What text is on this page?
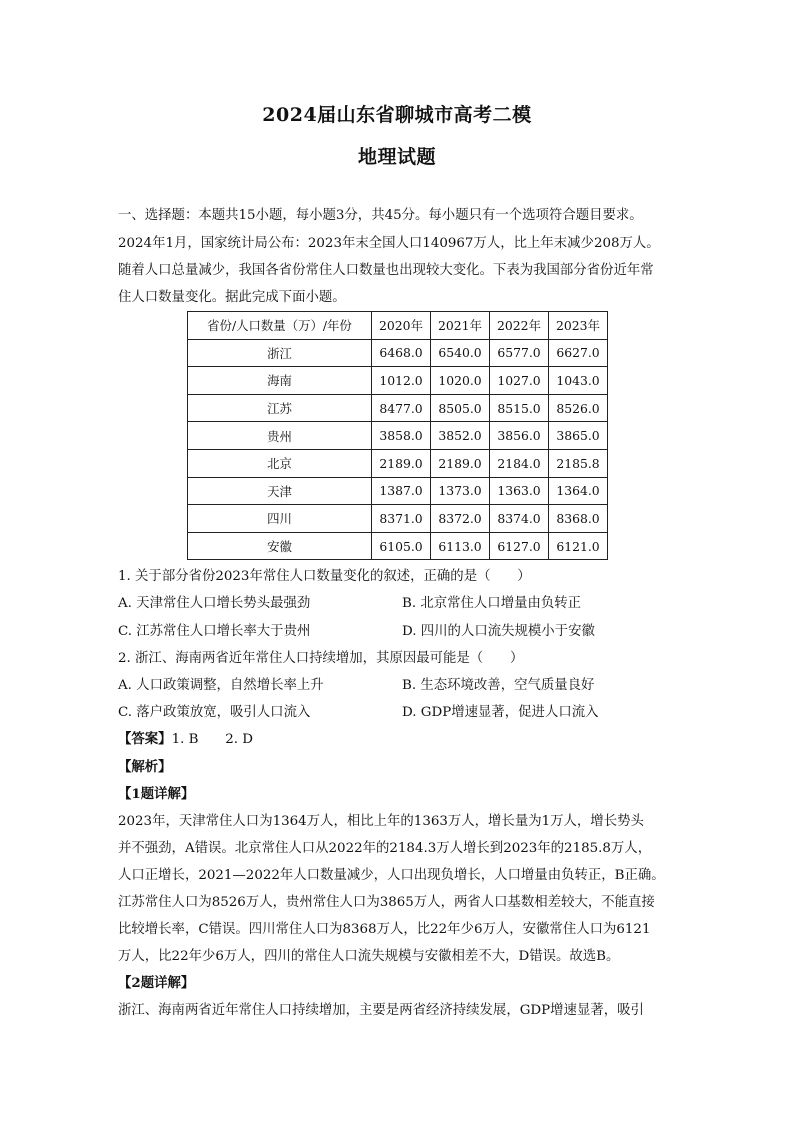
2024届山东省聊城市高考二模
地理试题
一、选择题：本题共15小题，每小题3分，共45分。每小题只有一个选项符合题目要求。
2024年1月，国家统计局公布：2023年末全国人口140967万人，比上年末减少208万人。
随着人口总量减少，我国各省份常住人口数量也出现较大变化。下表为我国部分省份近年常
住人口数量变化。据此完成下面小题。
省份/人口数量（万）/年份	2020年	2021年	2022年	2023年
浙江	6468.0	6540.0	6577.0	6627.0
海南	1012.0	1020.0	1027.0	1043.0
江苏	8477.0	8505.0	8515.0	8526.0
贵州	3858.0	3852.0	3856.0	3865.0
北京	2189.0	2189.0	2184.0	2185.8
天津	1387.0	1373.0	1363.0	1364.0
四川	8371.0	8372.0	8374.0	8368.0
安徽	6105.0	6113.0	6127.0	6121.0
1. 关于部分省份2023年常住人口数量变化的叙述，正确的是（　　）
A. 天津常住人口增长势头最强劲	B. 北京常住人口增量由负转正
C. 江苏常住人口增长率大于贵州	D. 四川的人口流失规模小于安徽
2. 浙江、海南两省近年常住人口持续增加，其原因最可能是（　　）
A. 人口政策调整，自然增长率上升	B. 生态环境改善，空气质量良好
C. 落户政策放宽，吸引人口流入	D. GDP增速显著，促进人口流入
【答案】1. B　　2. D
【解析】
【1题详解】
2023年，天津常住人口为1364万人，相比上年的1363万人，增长量为1万人，增长势头
并不强劲，A错误。北京常住人口从2022年的2184.3万人增长到2023年的2185.8万人，
人口正增长，2021—2022年人口数量减少，人口出现负增长，人口增量由负转正，B正确。
江苏常住人口为8526万人，贵州常住人口为3865万人，两省人口基数相差较大，不能直接
比较增长率，C错误。四川常住人口为8368万人，比22年少6万人，安徽常住人口为6121
万人，比22年少6万人，四川的常住人口流失规模与安徽相差不大，D错误。故选B。
【2题详解】
浙江、海南两省近年常住人口持续增加，主要是两省经济持续发展，GDP增速显著，吸引
